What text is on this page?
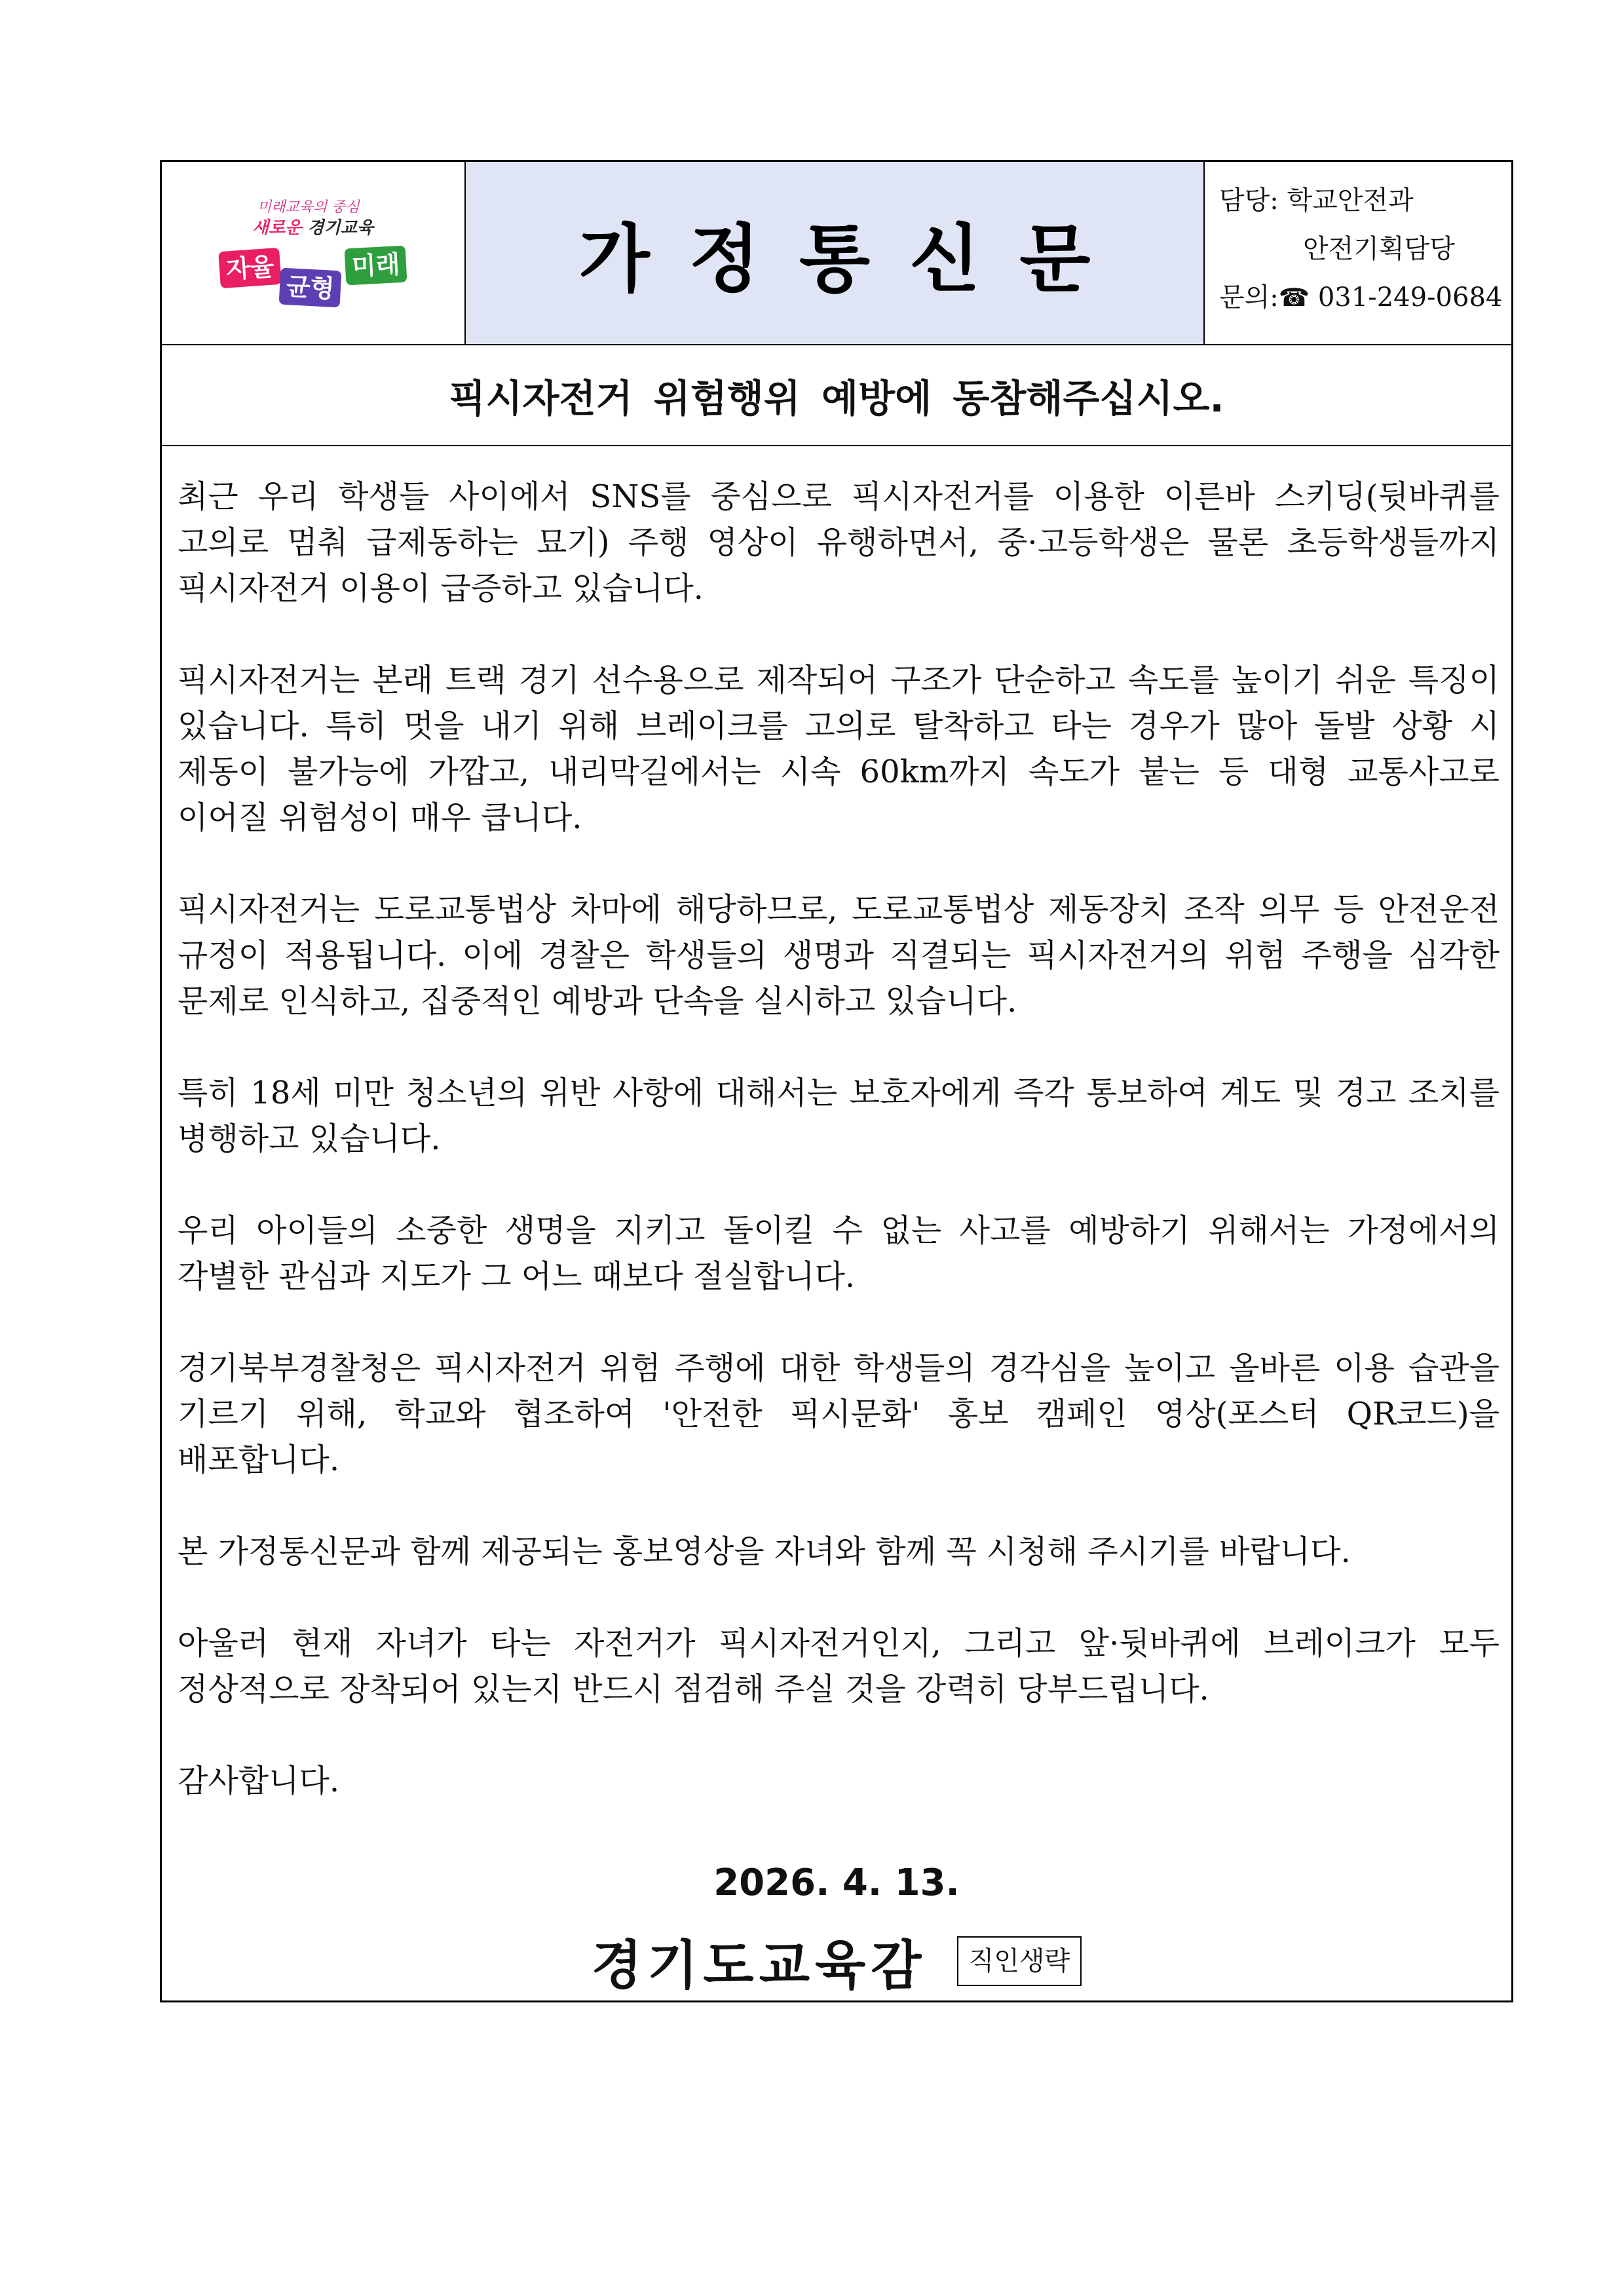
미래교육의 중심
새로운 경기교육
자율
균형
미래 가정통신문
담당: 학교안전과
안전기획담당
문의:☎ 031-249-0684
픽시자전거 위험행위 예방에 동참해주십시오.

최근 우리 학생들 사이에서 SNS를 중심으로 픽시자전거를 이용한 이른바 스키딩(뒷바퀴를 고의로 멈춰 급제동하는 묘기) 주행 영상이 유행하면서, 중·고등학생은 물론 초등학생들까지 픽시자전거 이용이 급증하고 있습니다.

픽시자전거는 본래 트랙 경기 선수용으로 제작되어 구조가 단순하고 속도를 높이기 쉬운 특징이 있습니다. 특히 멋을 내기 위해 브레이크를 고의로 탈착하고 타는 경우가 많아 돌발 상황 시 제동이 불가능에 가깝고, 내리막길에서는 시속 60km까지 속도가 붙는 등 대형 교통사고로 이어질 위험성이 매우 큽니다.

픽시자전거는 도로교통법상 차마에 해당하므로, 도로교통법상 제동장치 조작 의무 등 안전운전 규정이 적용됩니다. 이에 경찰은 학생들의 생명과 직결되는 픽시자전거의 위험 주행을 심각한 문제로 인식하고, 집중적인 예방과 단속을 실시하고 있습니다.

특히 18세 미만 청소년의 위반 사항에 대해서는 보호자에게 즉각 통보하여 계도 및 경고 조치를 병행하고 있습니다.

우리 아이들의 소중한 생명을 지키고 돌이킬 수 없는 사고를 예방하기 위해서는 가정에서의 각별한 관심과 지도가 그 어느 때보다 절실합니다.

경기북부경찰청은 픽시자전거 위험 주행에 대한 학생들의 경각심을 높이고 올바른 이용 습관을 기르기 위해, 학교와 협조하여 '안전한 픽시문화' 홍보 캠페인 영상(포스터 QR코드)을 배포합니다.

본 가정통신문과 함께 제공되는 홍보영상을 자녀와 함께 꼭 시청해 주시기를 바랍니다.

아울러 현재 자녀가 타는 자전거가 픽시자전거인지, 그리고 앞·뒷바퀴에 브레이크가 모두 정상적으로 장착되어 있는지 반드시 점검해 주실 것을 강력히 당부드립니다.

감사합니다.

2026. 4. 13.
경기도교육감 직인생략
